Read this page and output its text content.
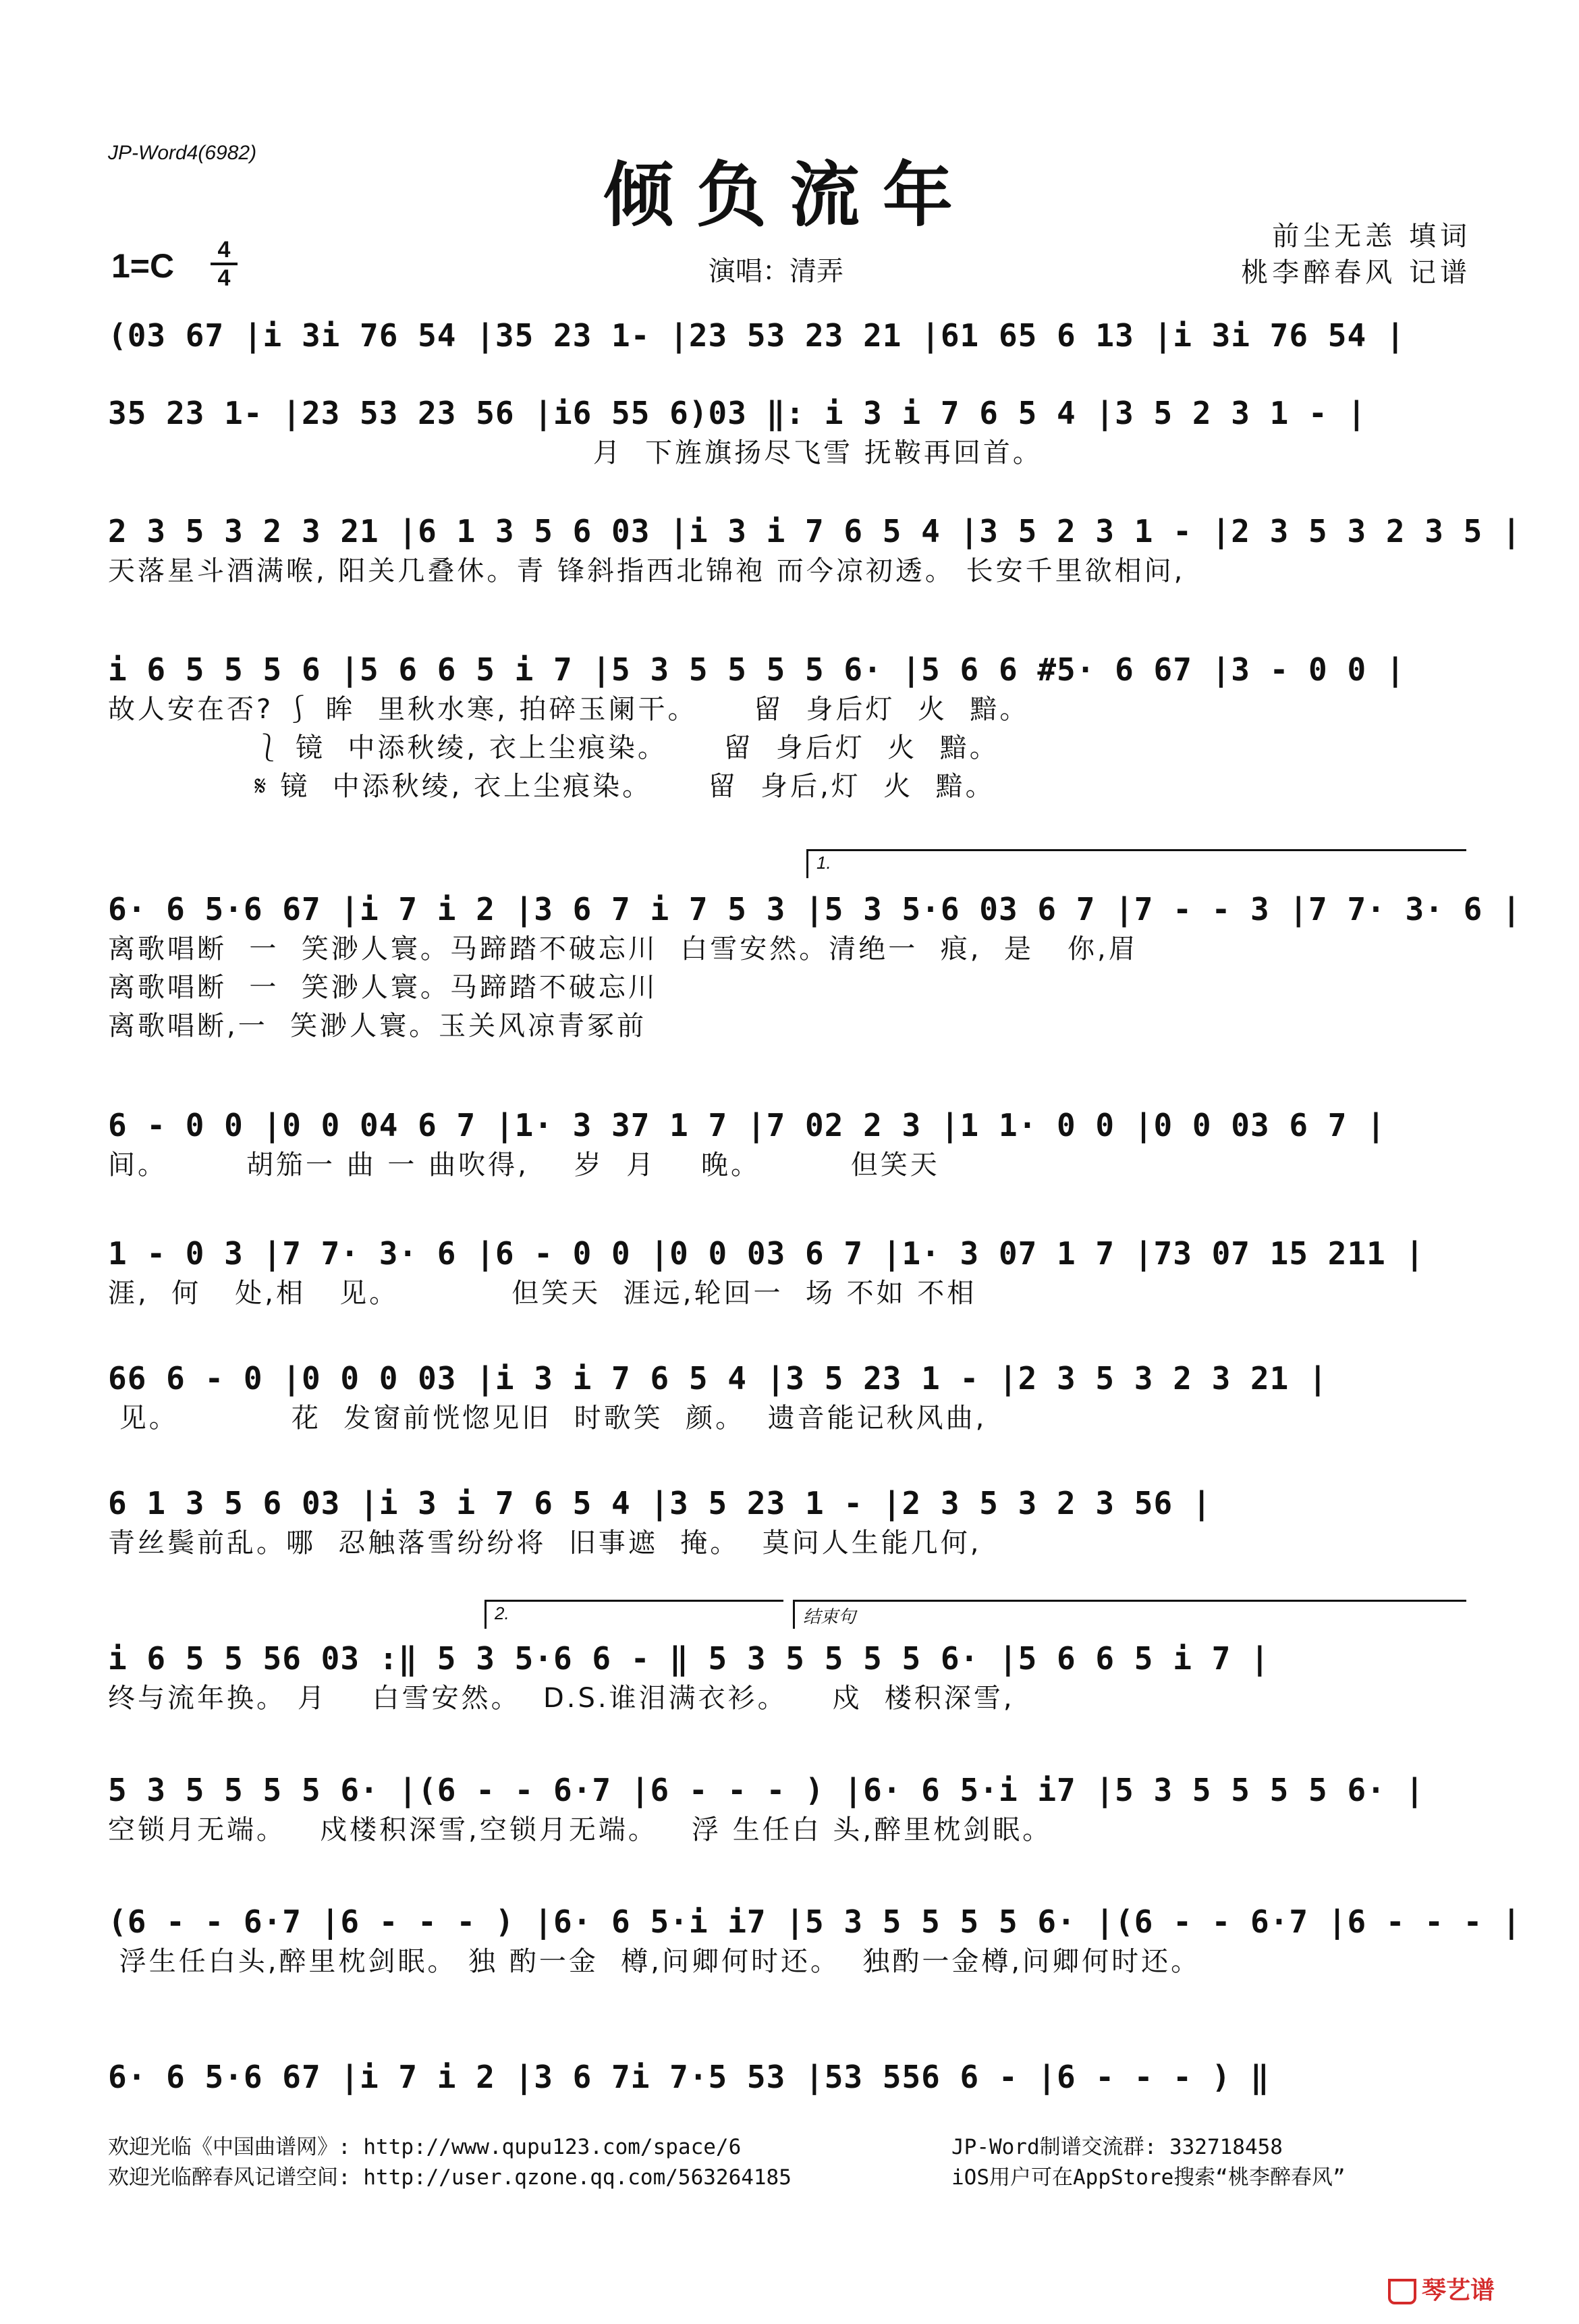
JP-Word4(6982)
倾负流年
1=C	4
4	演唱：清弄
前尘无恙 填词
桃李醉春风 记谱
(03 67 |i 3i 76 54 |35 23 1- |23 53 23 21 |61 65 6 13 |i 3i 76 54 |
35 23 1- |23 53 23 56 |i6 55 6)03 ‖: i 3 i 7 6 5 4 |3 5 2 3 1 - |
月  下旌旗扬尽飞雪 抚鞍再回首。
2 3 5 3 2 3 21 |6 1 3 5 6 03 |i 3 i 7 6 5 4 |3 5 2 3 1 - |2 3 5 3 2 3 5 |
天落星斗酒满喉, 阳关几叠休。青 锋斜指西北锦袍 而今凉初透。 长安千里欲相问,
i 6 5 5 5 6 |5 6 6 5 i 7 |5 3 5 5 5 5 6· |5 6 6 #5· 6 67 |3 - 0 0 |
故人安在否? ⎰ 眸  里秋水寒, 拍碎玉阑干。     留  身后灯  火  黯。
⎱ 镜  中添秋绫, 衣上尘痕染。     留  身后灯  火  黯。
𝄋 镜  中添秋绫, 衣上尘痕染。     留  身后,灯  火  黯。
1.
6· 6 5·6 67 |i 7 i 2 |3 6 7 i 7 5 3 |5 3 5·6 03 6 7 |7 - - 3 |7 7· 3· 6 |
离歌唱断  一  笑渺人寰。马蹄踏不破忘川  白雪安然。清绝一  痕,  是   你,眉
离歌唱断  一  笑渺人寰。马蹄踏不破忘川
离歌唱断,一  笑渺人寰。玉关风凉青冢前
6 - 0 0 |0 0 04 6 7 |1· 3 37 1 7 |7 02 2 3 |1 1· 0 0 |0 0 03 6 7 |
间。       胡笳一 曲 一 曲吹得,    岁  月    晚。        但笑天
1 - 0 3 |7 7· 3· 6 |6 - 0 0 |0 0 03 6 7 |1· 3 07 1 7 |73 07 15 211 |
涯,  何   处,相   见。          但笑天  涯远,轮回一  场 不如 不相
66 6 - 0 |0 0 0 03 |i 3 i 7 6 5 4 |3 5 23 1 - |2 3 5 3 2 3 21 |
见。          花  发窗前恍惚见旧  时歌笑  颜。  遗音能记秋风曲,
6 1 3 5 6 03 |i 3 i 7 6 5 4 |3 5 23 1 - |2 3 5 3 2 3 56 |
青丝鬓前乱。哪  忍触落雪纷纷将  旧事遮  掩。  莫问人生能几何,
2.	结束句
i 6 5 5 56 03 :‖ 5 3 5·6 6 - ‖ 5 3 5 5 5 5 6· |5 6 6 5 i 7 |
终与流年换。 月    白雪安然。  D.S.谁泪满衣衫。    戍  楼积深雪,
5 3 5 5 5 5 6· |(6 - - 6·7 |6 - - - ) |6· 6 5·i i7 |5 3 5 5 5 5 6· |
空锁月无端。   戍楼积深雪,空锁月无端。   浮 生任白 头,醉里枕剑眠。
(6 - - 6·7 |6 - - - ) |6· 6 5·i i7 |5 3 5 5 5 5 6· |(6 - - 6·7 |6 - - - |
浮生任白头,醉里枕剑眠。 独 酌一金  樽,问卿何时还。  独酌一金樽,问卿何时还。
6· 6 5·6 67 |i 7 i 2 |3 6 7i 7·5 53 |53 556 6 - |6 - - - ) ‖
欢迎光临《中国曲谱网》: http://www.qupu123.com/space/6	JP-Word制谱交流群: 332718458
欢迎光临醉春风记谱空间: http://user.qzone.qq.com/563264185	iOS用户可在AppStore搜索“桃李醉春风”
琴艺谱
